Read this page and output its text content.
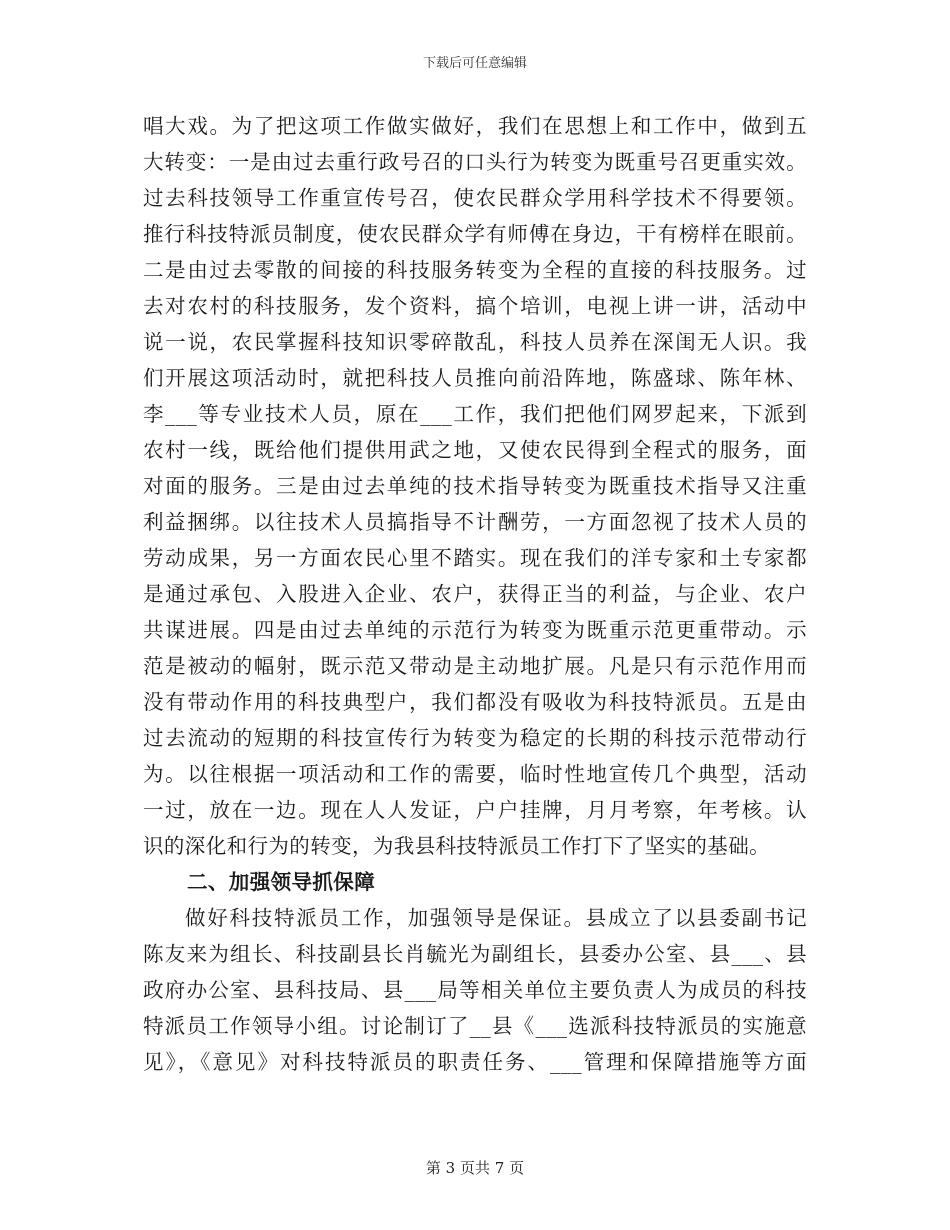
下载后可任意编辑
唱大戏。为了把这项工作做实做好，我们在思想上和工作中，做到五
大转变：一是由过去重行政号召的口头行为转变为既重号召更重实效。
过去科技领导工作重宣传号召，使农民群众学用科学技术不得要领。
推行科技特派员制度，使农民群众学有师傅在身边，干有榜样在眼前。
二是由过去零散的间接的科技服务转变为全程的直接的科技服务。过
去对农村的科技服务，发个资料，搞个培训，电视上讲一讲，活动中
说一说，农民掌握科技知识零碎散乱，科技人员养在深闺无人识。我
们开展这项活动时，就把科技人员推向前沿阵地，陈盛球、陈年林、
李___等专业技术人员，原在___工作，我们把他们网罗起来，下派到
农村一线，既给他们提供用武之地，又使农民得到全程式的服务，面
对面的服务。三是由过去单纯的技术指导转变为既重技术指导又注重
利益捆绑。以往技术人员搞指导不计酬劳，一方面忽视了技术人员的
劳动成果，另一方面农民心里不踏实。现在我们的洋专家和土专家都
是通过承包、入股进入企业、农户，获得正当的利益，与企业、农户
共谋进展。四是由过去单纯的示范行为转变为既重示范更重带动。示
范是被动的幅射，既示范又带动是主动地扩展。凡是只有示范作用而
没有带动作用的科技典型户，我们都没有吸收为科技特派员。五是由
过去流动的短期的科技宣传行为转变为稳定的长期的科技示范带动行
为。以往根据一项活动和工作的需要，临时性地宣传几个典型，活动
一过，放在一边。现在人人发证，户户挂牌，月月考察，年考核。认
识的深化和行为的转变，为我县科技特派员工作打下了坚实的基础。
二、加强领导抓保障
做好科技特派员工作，加强领导是保证。县成立了以县委副书记
陈友来为组长、科技副县长肖毓光为副组长，县委办公室、县___、县
政府办公室、县科技局、县___局等相关单位主要负责人为成员的科技
特派员工作领导小组。讨论制订了__县《___选派科技特派员的实施意
见》，《意见》对科技特派员的职责任务、___管理和保障措施等方面
第 3 页共 7 页
